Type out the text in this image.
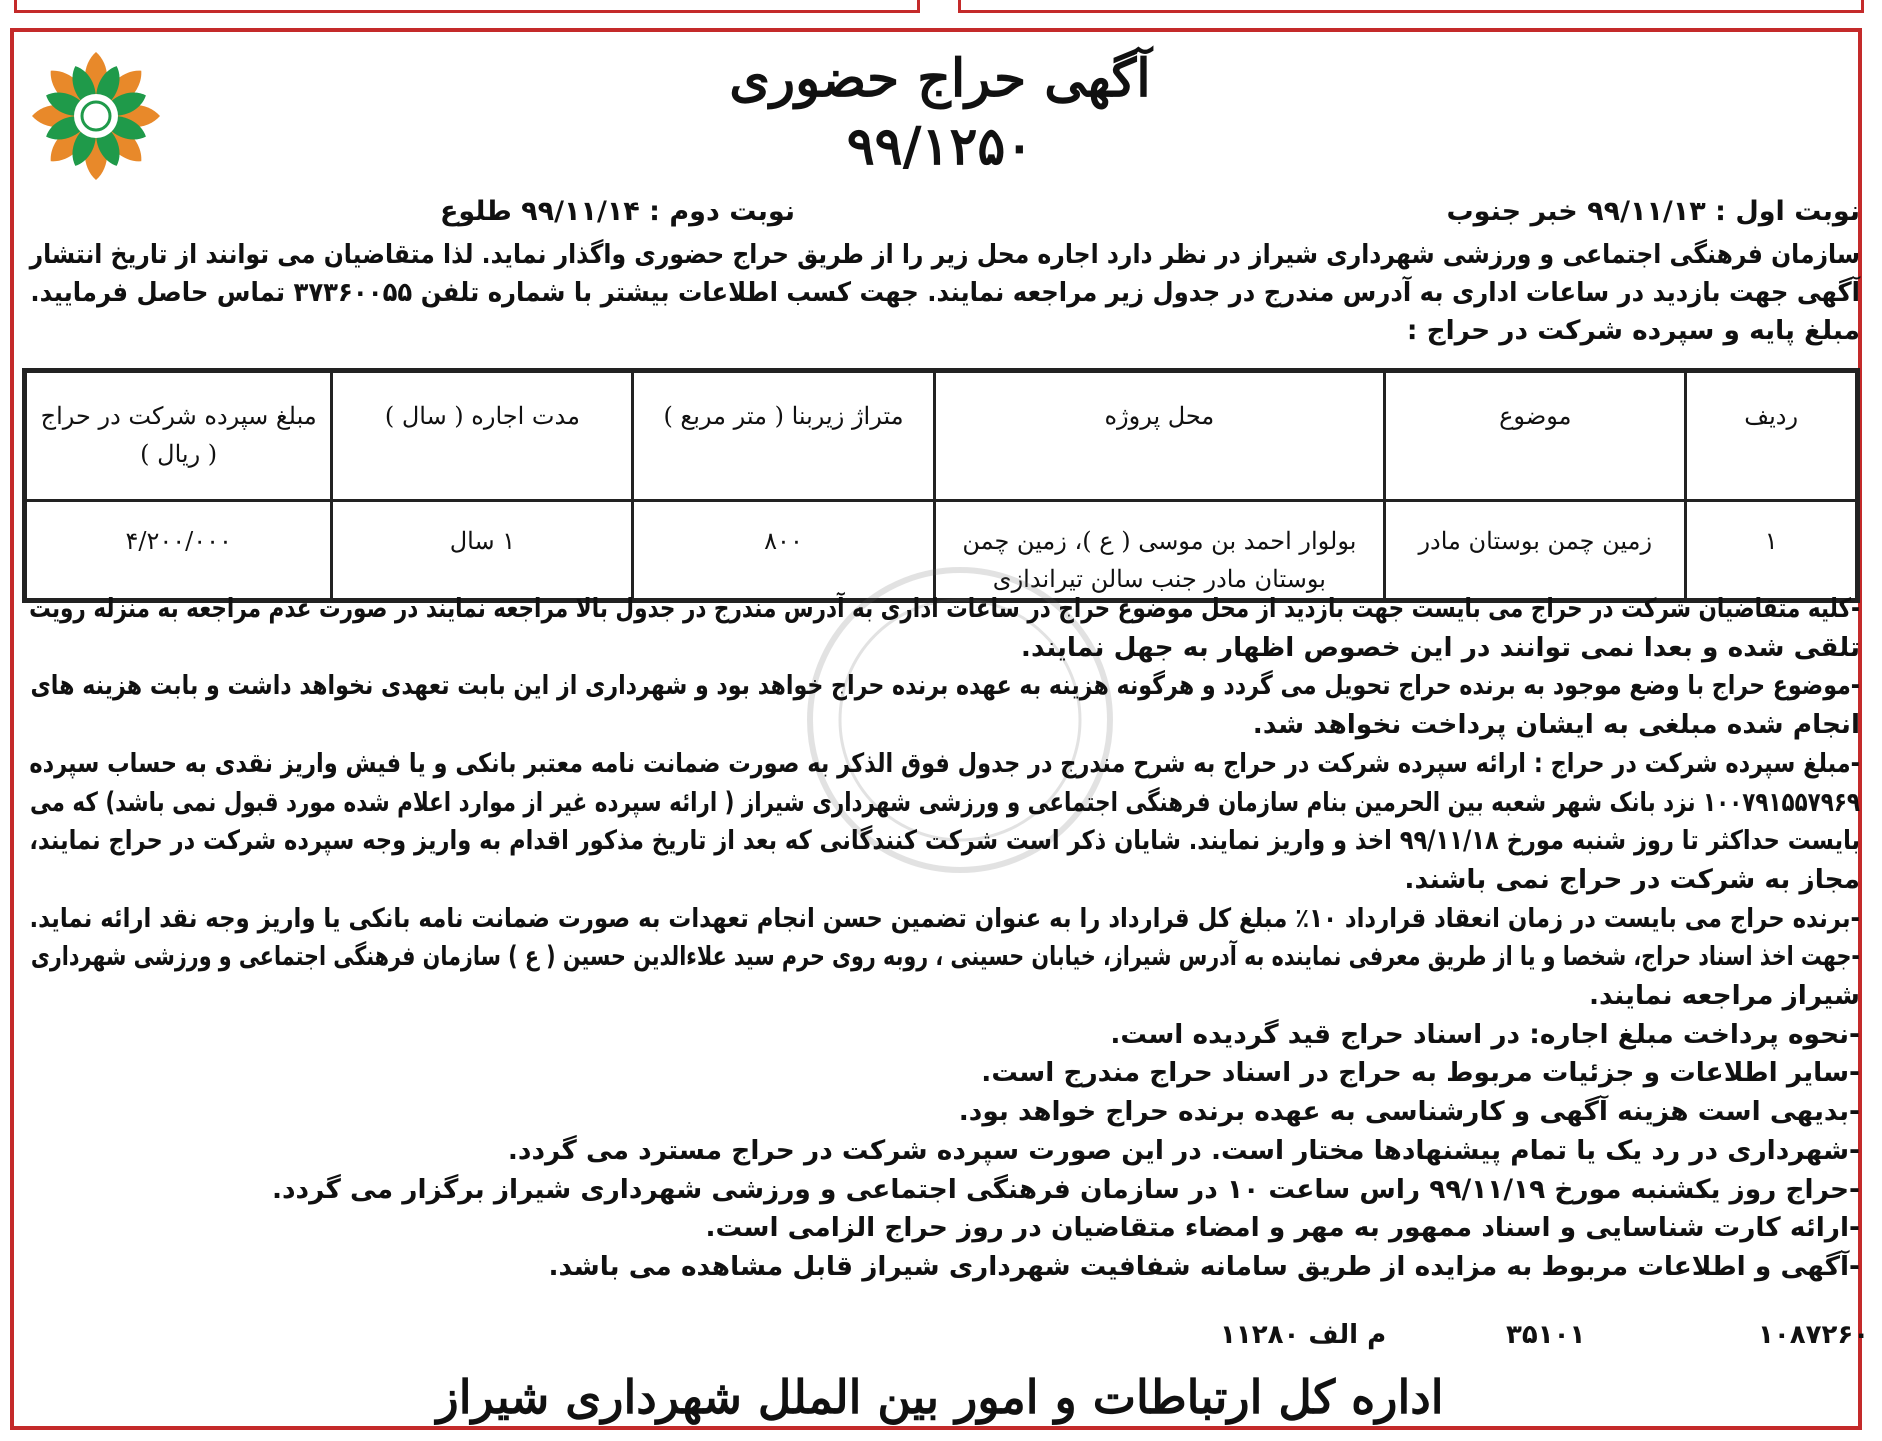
آگهی حراج حضوری
۹۹/۱۲۵۰
نوبت اول : ۹۹/۱۱/۱۳ خبر جنوب
نوبت دوم : ۹۹/۱۱/۱۴ طلوع

سازمان فرهنگی اجتماعی و ورزشی شهرداری شیراز در نظر دارد اجاره محل زیر را از طریق حراج حضوری واگذار نماید. لذا متقاضیان می توانند از تاریخ انتشار

آگهی جهت بازدید در ساعات اداری به آدرس مندرج در جدول زیر مراجعه نمایند. جهت کسب اطلاعات بیشتر با شماره تلفن ۳۷۳۶۰۰۵۵ تماس حاصل فرمایید.

مبلغ پایه و سپرده شرکت در حراج :

ردیف	موضوع	محل پروژه	متراژ زیربنا ( متر مربع )	مدت اجاره ( سال )	مبلغ سپرده شرکت در حراج ( ریال )
۱	زمین چمن بوستان مادر	بولوار احمد بن موسی ( ع )، زمین چمن بوستان مادر جنب سالن تیراندازی	۸۰۰	۱ سال	۴/۲۰۰/۰۰۰

-کلیه متقاضیان شرکت در حراج می بایست جهت بازدید از محل موضوع حراج در ساعات اداری به آدرس مندرج در جدول بالا مراجعه نمایند در صورت عدم مراجعه به منزله رویت

تلقی شده و بعدا نمی توانند در این خصوص اظهار به جهل نمایند.

-موضوع حراج با وضع موجود به برنده حراج تحویل می گردد و هرگونه هزینه به عهده برنده حراج خواهد بود و شهرداری از این بابت تعهدی نخواهد داشت و بابت هزینه های

انجام شده مبلغی به ایشان پرداخت نخواهد شد.

-مبلغ سپرده شرکت در حراج : ارائه سپرده شرکت در حراج به شرح مندرج در جدول فوق الذکر به صورت ضمانت نامه معتبر بانکی و یا فیش واریز نقدی به حساب سپرده

۱۰۰۷۹۱۵۵۷۹۶۹ نزد بانک شهر شعبه بین الحرمین بنام سازمان فرهنگی اجتماعی و ورزشی شهرداری شیراز ( ارائه سپرده غیر از موارد اعلام شده مورد قبول نمی باشد) که می

بایست حداکثر تا روز شنبه مورخ ۹۹/۱۱/۱۸ اخذ و واریز نمایند. شایان ذکر است شرکت کنندگانی که بعد از تاریخ مذکور اقدام به واریز وجه سپرده شرکت در حراج نمایند،

مجاز به شرکت در حراج نمی باشند.

-برنده حراج می بایست در زمان انعقاد قرارداد ۱۰٪ مبلغ کل قرارداد را به عنوان تضمین حسن انجام تعهدات به صورت ضمانت نامه بانکی یا واریز وجه نقد ارائه نماید.

-جهت اخذ اسناد حراج، شخصا و یا از طریق معرفی نماینده به آدرس شیراز، خیابان حسینی ، روبه روی حرم سید علاءالدین حسین ( ع ) سازمان فرهنگی اجتماعی و ورزشی شهرداری

شیراز مراجعه نمایند.

-نحوه پرداخت مبلغ اجاره: در اسناد حراج قید گردیده است.

-سایر اطلاعات و جزئیات مربوط به حراج در اسناد حراج مندرج است.

-بدیهی است هزینه آگهی و کارشناسی به عهده برنده حراج خواهد بود.

-شهرداری در رد یک یا تمام پیشنهادها مختار است. در این صورت سپرده شرکت در حراج مسترد می گردد.

-حراج روز یکشنبه مورخ ۹۹/۱۱/۱۹ راس ساعت ۱۰ در سازمان فرهنگی اجتماعی و ورزشی شهرداری شیراز برگزار می گردد.

-ارائه کارت شناسایی و اسناد ممهور به مهر و امضاء متقاضیان در روز حراج الزامی است.

-آگهی و اطلاعات مربوط به مزایده از طریق سامانه شفافیت شهرداری شیراز قابل مشاهده می باشد.

۱۰۸۷۲۶۰
۳۵۱۰۱
۱۱۲۸۰ م الف
اداره کل ارتباطات و امور بین الملل شهرداری شیراز
